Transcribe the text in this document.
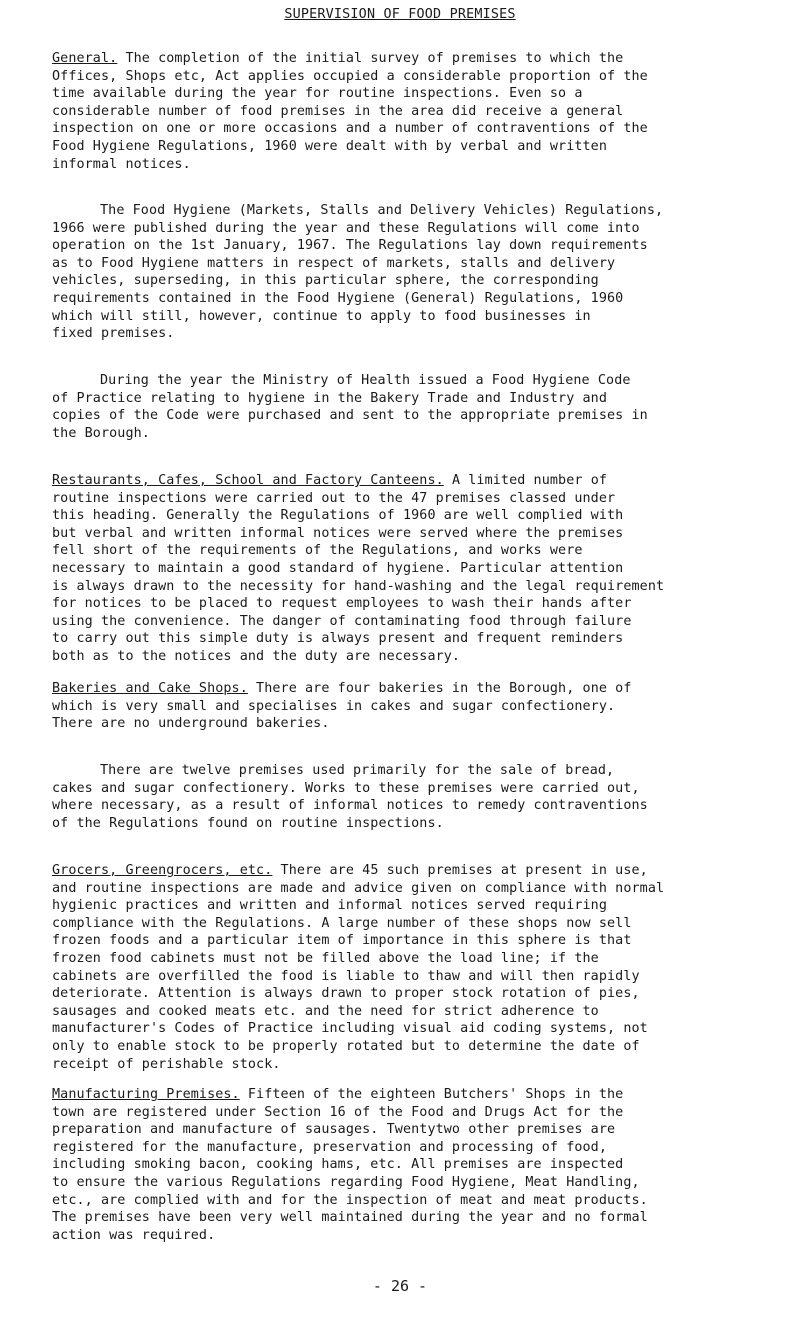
SUPERVISION OF FOOD PREMISES
General. The completion of the initial survey of premises to which the
Offices, Shops etc, Act applies occupied a considerable proportion of the
time available during the year for routine inspections. Even so a
considerable number of food premises in the area did receive a general
inspection on one or more occasions and a number of contraventions of the
Food Hygiene Regulations, 1960 were dealt with by verbal and written
informal notices.
The Food Hygiene (Markets, Stalls and Delivery Vehicles) Regulations,
1966 were published during the year and these Regulations will come into
operation on the 1st January, 1967. The Regulations lay down requirements
as to Food Hygiene matters in respect of markets, stalls and delivery
vehicles, superseding, in this particular sphere, the corresponding
requirements contained in the Food Hygiene (General) Regulations, 1960
which will still, however, continue to apply to food businesses in
fixed premises.
During the year the Ministry of Health issued a Food Hygiene Code
of Practice relating to hygiene in the Bakery Trade and Industry and
copies of the Code were purchased and sent to the appropriate premises in
the Borough.
Restaurants, Cafes, School and Factory Canteens. A limited number of
routine inspections were carried out to the 47 premises classed under
this heading. Generally the Regulations of 1960 are well complied with
but verbal and written informal notices were served where the premises
fell short of the requirements of the Regulations, and works were
necessary to maintain a good standard of hygiene. Particular attention
is always drawn to the necessity for hand-washing and the legal requirement
for notices to be placed to request employees to wash their hands after
using the convenience. The danger of contaminating food through failure
to carry out this simple duty is always present and frequent reminders
both as to the notices and the duty are necessary.
Bakeries and Cake Shops. There are four bakeries in the Borough, one of
which is very small and specialises in cakes and sugar confectionery.
There are no underground bakeries.
There are twelve premises used primarily for the sale of bread,
cakes and sugar confectionery. Works to these premises were carried out,
where necessary, as a result of informal notices to remedy contraventions
of the Regulations found on routine inspections.
Grocers, Greengrocers, etc. There are 45 such premises at present in use,
and routine inspections are made and advice given on compliance with normal
hygienic practices and written and informal notices served requiring
compliance with the Regulations. A large number of these shops now sell
frozen foods and a particular item of importance in this sphere is that
frozen food cabinets must not be filled above the load line; if the
cabinets are overfilled the food is liable to thaw and will then rapidly
deteriorate. Attention is always drawn to proper stock rotation of pies,
sausages and cooked meats etc. and the need for strict adherence to
manufacturer's Codes of Practice including visual aid coding systems, not
only to enable stock to be properly rotated but to determine the date of
receipt of perishable stock.
Manufacturing Premises. Fifteen of the eighteen Butchers' Shops in the
town are registered under Section 16 of the Food and Drugs Act for the
preparation and manufacture of sausages. Twentytwo other premises are
registered for the manufacture, preservation and processing of food,
including smoking bacon, cooking hams, etc. All premises are inspected
to ensure the various Regulations regarding Food Hygiene, Meat Handling,
etc., are complied with and for the inspection of meat and meat products.
The premises have been very well maintained during the year and no formal
action was required.
- 26 -
